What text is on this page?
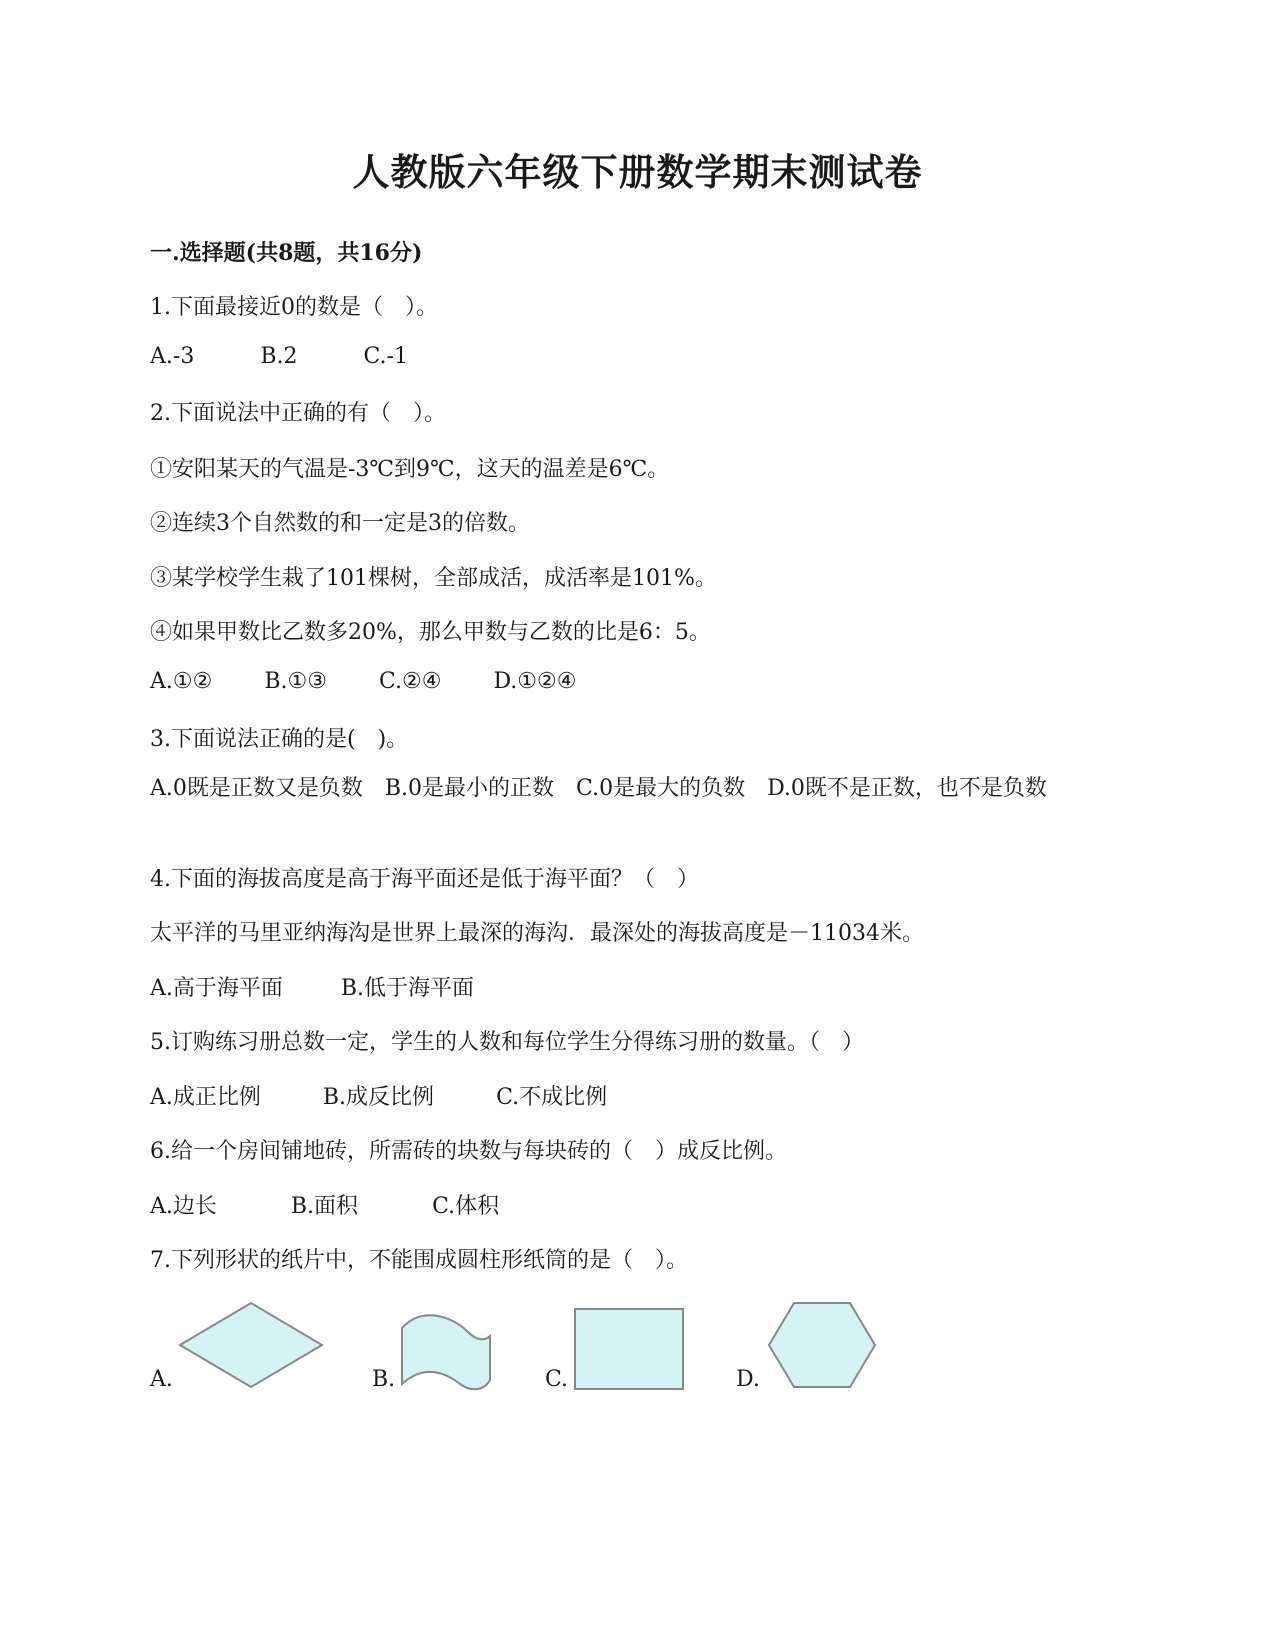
人教版六年级下册数学期末测试卷
一.选择题(共8题，共16分)
1.下面最接近0的数是（　）。
A.-3	B.2	C.-1
2.下面说法中正确的有（　）。
①安阳某天的气温是-3℃到9℃，这天的温差是6℃。
②连续3个自然数的和一定是3的倍数。
③某学校学生栽了101棵树，全部成活，成活率是101%。
④如果甲数比乙数多20%，那么甲数与乙数的比是6：5。
A.①② B.①③ C.②④ D.①②④
3.下面说法正确的是(　)。
A.0既是正数又是负数　B.0是最小的正数　C.0是最大的负数　D.0既不是正数，也不是负数
4.下面的海拔高度是高于海平面还是低于海平面？（　）
太平洋的马里亚纳海沟是世界上最深的海沟．最深处的海拔高度是－11034米。
A.高于海平面	B.低于海平面
5.订购练习册总数一定，学生的人数和每位学生分得练习册的数量。（　）
A.成正比例	B.成反比例	C.不成比例
6.给一个房间铺地砖，所需砖的块数与每块砖的（　）成反比例。
A.边长	B.面积	C.体积
7.下列形状的纸片中，不能围成圆柱形纸筒的是（　）。
A.	B.	C.	D.
